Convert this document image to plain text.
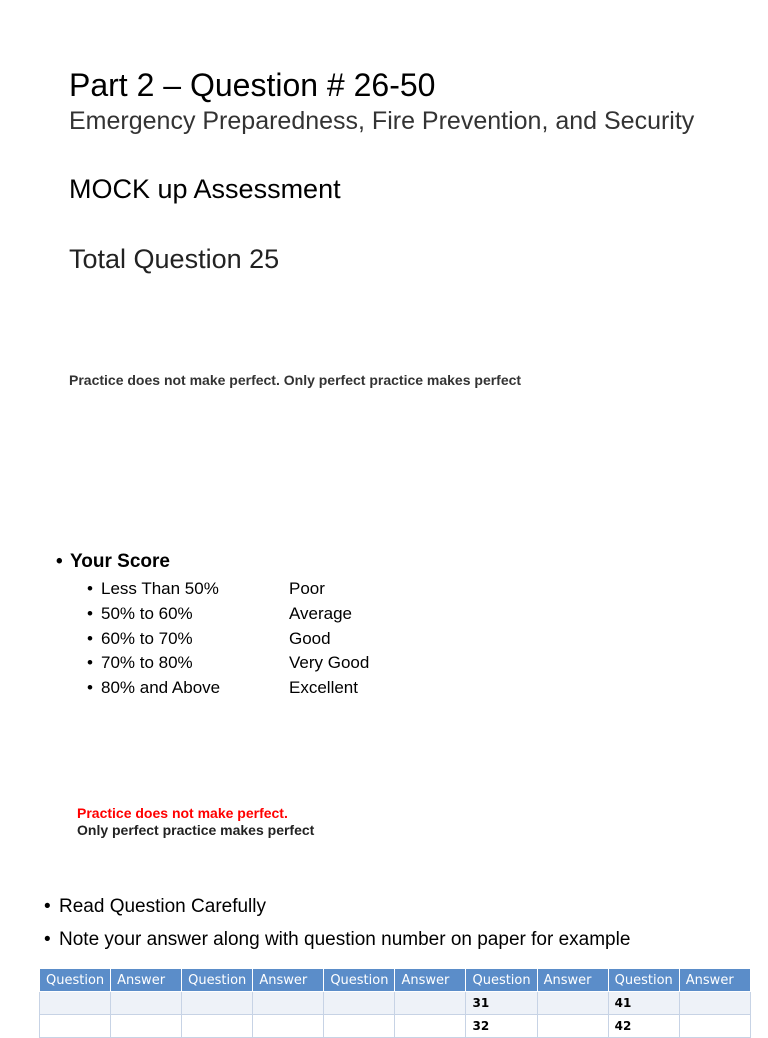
Part 2 – Question # 26-50
Emergency Preparedness, Fire Prevention, and Security
MOCK up Assessment
Total Question 25
Practice does not make perfect. Only perfect practice makes perfect
• Your Score
• Less Than 50%	Poor
• 50% to 60%	Average
• 60% to 70%	Good
• 70% to 80%	Very Good
• 80% and Above	Excellent
Practice does not make perfect.
Only perfect practice makes perfect
• Read Question Carefully
• Note your answer along with question number on paper for example
Question	Answer	Question	Answer	Question	Answer	Question	Answer	Question	Answer
						31		41	
						32		42	
